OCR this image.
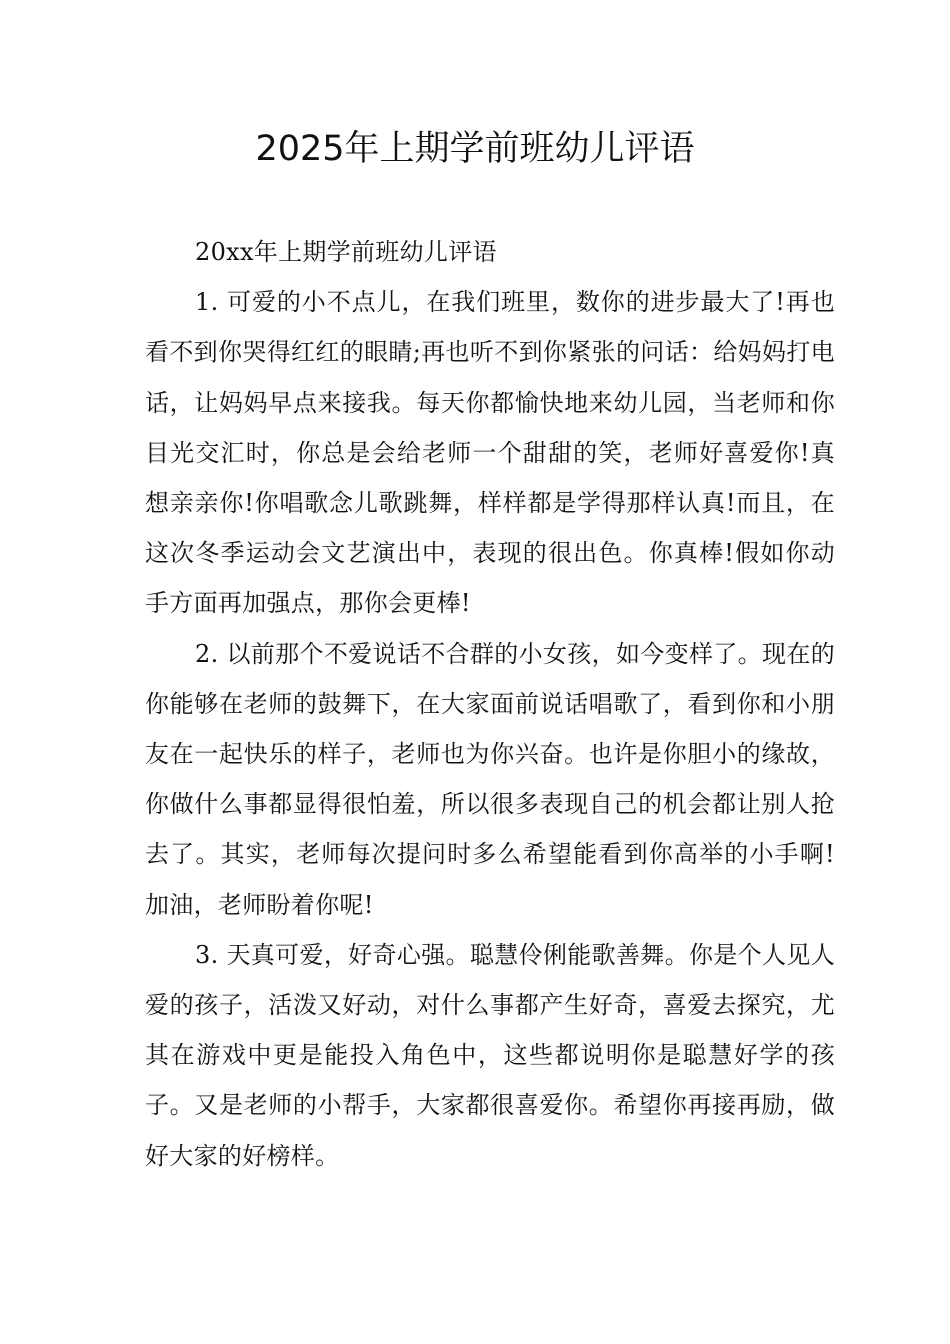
2025年上期学前班幼儿评语

20xx年上期学前班幼儿评语

1. 可爱的小不点儿，在我们班里，数你的进步最大了!再也看不到你哭得红红的眼睛;再也听不到你紧张的问话：给妈妈打电话，让妈妈早点来接我。每天你都愉快地来幼儿园，当老师和你目光交汇时，你总是会给老师一个甜甜的笑，老师好喜爱你!真想亲亲你!你唱歌念儿歌跳舞，样样都是学得那样认真!而且，在这次冬季运动会文艺演出中，表现的很出色。你真棒!假如你动手方面再加强点，那你会更棒!

2. 以前那个不爱说话不合群的小女孩，如今变样了。现在的你能够在老师的鼓舞下，在大家面前说话唱歌了，看到你和小朋友在一起快乐的样子，老师也为你兴奋。也许是你胆小的缘故，你做什么事都显得很怕羞，所以很多表现自己的机会都让别人抢去了。其实，老师每次提问时多么希望能看到你高举的小手啊!加油，老师盼着你呢!

3. 天真可爱，好奇心强。聪慧伶俐能歌善舞。你是个人见人爱的孩子，活泼又好动，对什么事都产生好奇，喜爱去探究，尤其在游戏中更是能投入角色中，这些都说明你是聪慧好学的孩子。又是老师的小帮手，大家都很喜爱你。希望你再接再励，做好大家的好榜样。
